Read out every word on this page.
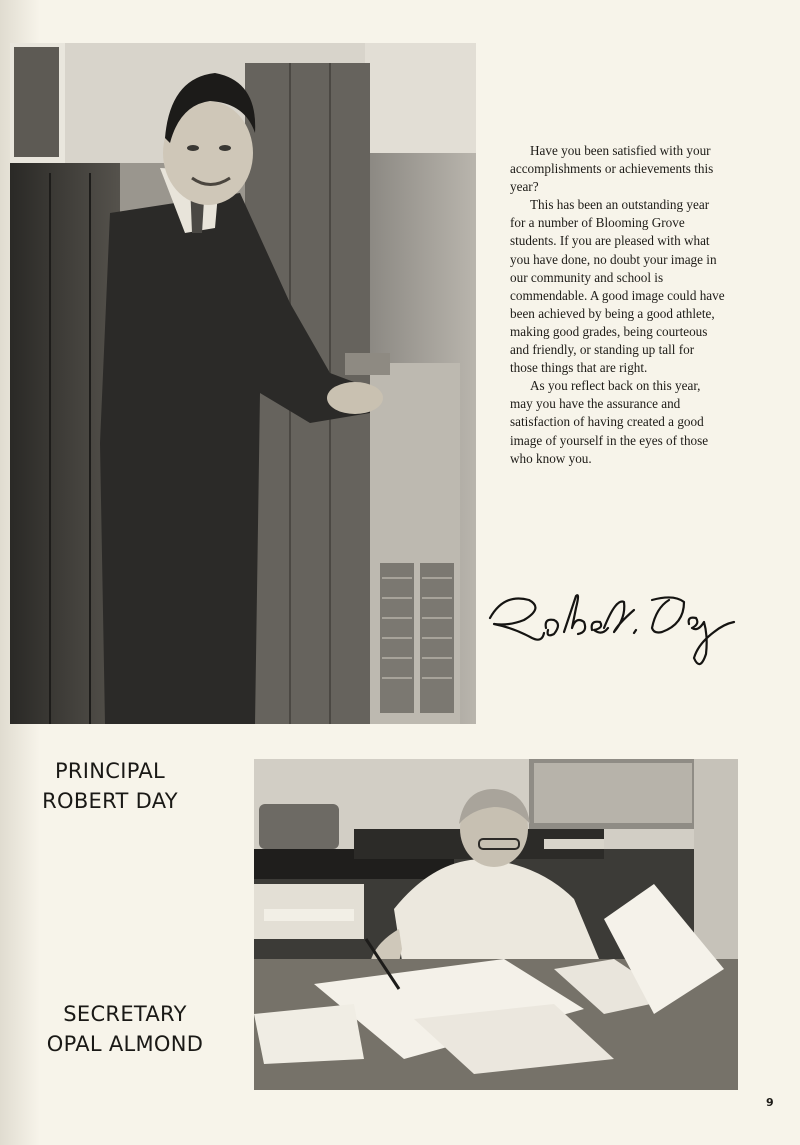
Have you been satisfied with your accomplishments or achievements this year?

This has been an outstanding year for a number of Blooming Grove students. If you are pleased with what you have done, no doubt your image in our community and school is commendable. A good image could have been achieved by being a good athlete, making good grades, being courteous and friendly, or standing up tall for those things that are right.

As you reflect back on this year, may you have the assurance and satisfaction of having created a good image of yourself in the eyes of those who know you.

PRINCIPAL
ROBERT DAY
SECRETARY
OPAL ALMOND
9
